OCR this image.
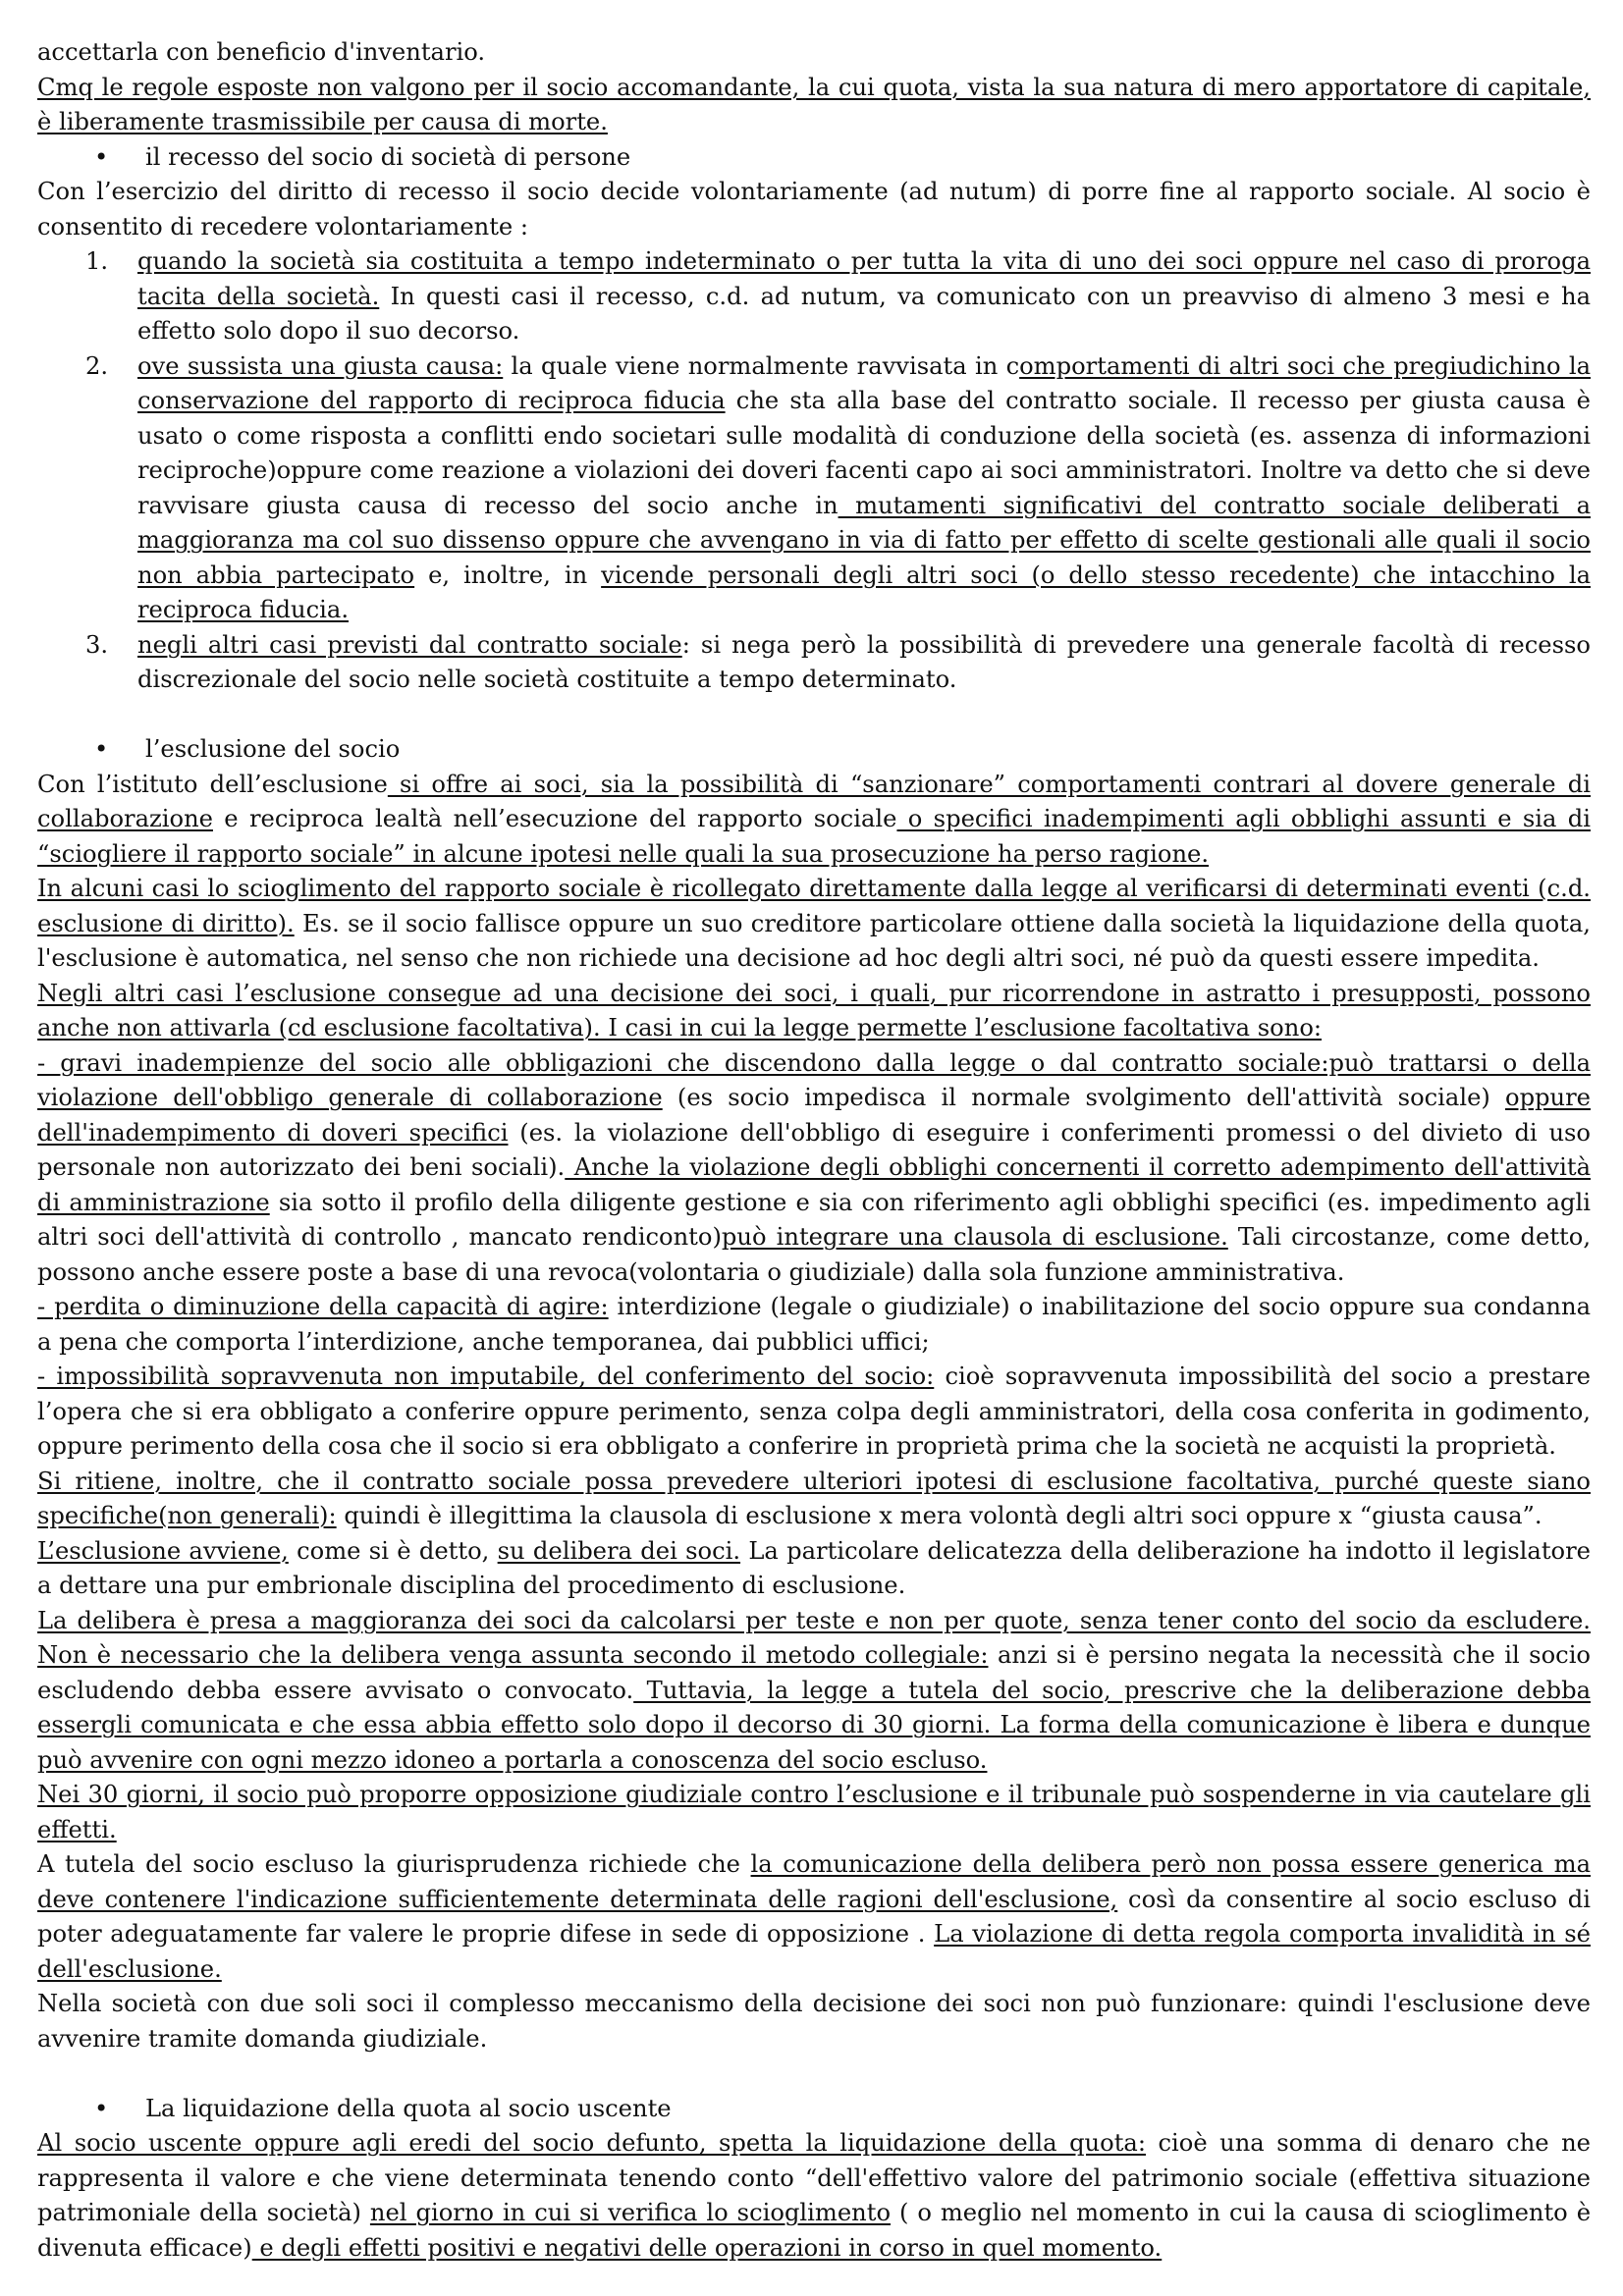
accettarla con beneficio d'inventario.

Cmq le regole esposte non valgono per il socio accomandante, la cui quota, vista la sua natura di mero apportatore di capitale, è liberamente trasmissibile per causa di morte.

• il recesso del socio di società di persone

Con l’esercizio del diritto di recesso il socio decide volontariamente (ad nutum) di porre fine al rapporto sociale. Al socio è consentito di recedere volontariamente :

1. quando la società sia costituita a tempo indeterminato o per tutta la vita di uno dei soci oppure nel caso di proroga tacita della società. In questi casi il recesso, c.d. ad nutum, va comunicato con un preavviso di almeno 3 mesi e ha effetto solo dopo il suo decorso.
2. ove sussista una giusta causa: la quale viene normalmente ravvisata in comportamenti di altri soci che pregiudichino la conservazione del rapporto di reciproca fiducia che sta alla base del contratto sociale. Il recesso per giusta causa è usato o come risposta a conflitti endo societari sulle modalità di conduzione della società (es. assenza di informazioni reciproche)oppure come reazione a violazioni dei doveri facenti capo ai soci amministratori. Inoltre va detto che si deve ravvisare giusta causa di recesso del socio anche in mutamenti significativi del contratto sociale deliberati a maggioranza ma col suo dissenso oppure che avvengano in via di fatto per effetto di scelte gestionali alle quali il socio non abbia partecipato e, inoltre, in vicende personali degli altri soci (o dello stesso recedente) che intacchino la reciproca fiducia.
3. negli altri casi previsti dal contratto sociale: si nega però la possibilità di prevedere una generale facoltà di recesso discrezionale del socio nelle società costituite a tempo determinato.

• l’esclusione del socio

Con l’istituto dell’esclusione si offre ai soci, sia la possibilità di “sanzionare” comportamenti contrari al dovere generale di collaborazione e reciproca lealtà nell’esecuzione del rapporto sociale o specifici inadempimenti agli obblighi assunti e sia di “sciogliere il rapporto sociale” in alcune ipotesi nelle quali la sua prosecuzione ha perso ragione.

In alcuni casi lo scioglimento del rapporto sociale è ricollegato direttamente dalla legge al verificarsi di determinati eventi (c.d. esclusione di diritto). Es. se il socio fallisce oppure un suo creditore particolare ottiene dalla società la liquidazione della quota, l'esclusione è automatica, nel senso che non richiede una decisione ad hoc degli altri soci, né può da questi essere impedita.

Negli altri casi l’esclusione consegue ad una decisione dei soci, i quali, pur ricorrendone in astratto i presupposti, possono anche non attivarla (cd esclusione facoltativa). I casi in cui la legge permette l’esclusione facoltativa sono:

- gravi inadempienze del socio alle obbligazioni che discendono dalla legge o dal contratto sociale:può trattarsi o della violazione dell'obbligo generale di collaborazione (es socio impedisca il normale svolgimento dell'attività sociale) oppure dell'inadempimento di doveri specifici (es. la violazione dell'obbligo di eseguire i conferimenti promessi o del divieto di uso personale non autorizzato dei beni sociali). Anche la violazione degli obblighi concernenti il corretto adempimento dell'attività di amministrazione sia sotto il profilo della diligente gestione e sia con riferimento agli obblighi specifici (es. impedimento agli altri soci dell'attività di controllo , mancato rendiconto)può integrare una clausola di esclusione. Tali circostanze, come detto, possono anche essere poste a base di una revoca(volontaria o giudiziale) dalla sola funzione amministrativa.

- perdita o diminuzione della capacità di agire: interdizione (legale o giudiziale) o inabilitazione del socio oppure sua condanna a pena che comporta l’interdizione, anche temporanea, dai pubblici uffici;

- impossibilità sopravvenuta non imputabile, del conferimento del socio: cioè sopravvenuta impossibilità del socio a prestare l’opera che si era obbligato a conferire oppure perimento, senza colpa degli amministratori, della cosa conferita in godimento, oppure perimento della cosa che il socio si era obbligato a conferire in proprietà prima che la società ne acquisti la proprietà.

Si ritiene, inoltre, che il contratto sociale possa prevedere ulteriori ipotesi di esclusione facoltativa, purché queste siano specifiche(non generali): quindi è illegittima la clausola di esclusione x mera volontà degli altri soci oppure x “giusta causa”.

L’esclusione avviene, come si è detto, su delibera dei soci. La particolare delicatezza della deliberazione ha indotto il legislatore a dettare una pur embrionale disciplina del procedimento di esclusione.

La delibera è presa a maggioranza dei soci da calcolarsi per teste e non per quote, senza tener conto del socio da escludere. Non è necessario che la delibera venga assunta secondo il metodo collegiale: anzi si è persino negata la necessità che il socio escludendo debba essere avvisato o convocato. Tuttavia, la legge a tutela del socio, prescrive che la deliberazione debba essergli comunicata e che essa abbia effetto solo dopo il decorso di 30 giorni. La forma della comunicazione è libera e dunque può avvenire con ogni mezzo idoneo a portarla a conoscenza del socio escluso.

Nei 30 giorni, il socio può proporre opposizione giudiziale contro l’esclusione e il tribunale può sospenderne in via cautelare gli effetti.

A tutela del socio escluso la giurisprudenza richiede che la comunicazione della delibera però non possa essere generica ma deve contenere l'indicazione sufficientemente determinata delle ragioni dell'esclusione, così da consentire al socio escluso di poter adeguatamente far valere le proprie difese in sede di opposizione . La violazione di detta regola comporta invalidità in sé dell'esclusione.

Nella società con due soli soci il complesso meccanismo della decisione dei soci non può funzionare: quindi l'esclusione deve avvenire tramite domanda giudiziale.

• La liquidazione della quota al socio uscente

Al socio uscente oppure agli eredi del socio defunto, spetta la liquidazione della quota: cioè una somma di denaro che ne rappresenta il valore e che viene determinata tenendo conto “dell'effettivo valore del patrimonio sociale (effettiva situazione patrimoniale della società) nel giorno in cui si verifica lo scioglimento ( o meglio nel momento in cui la causa di scioglimento è divenuta efficace) e degli effetti positivi e negativi delle operazioni in corso in quel momento.
